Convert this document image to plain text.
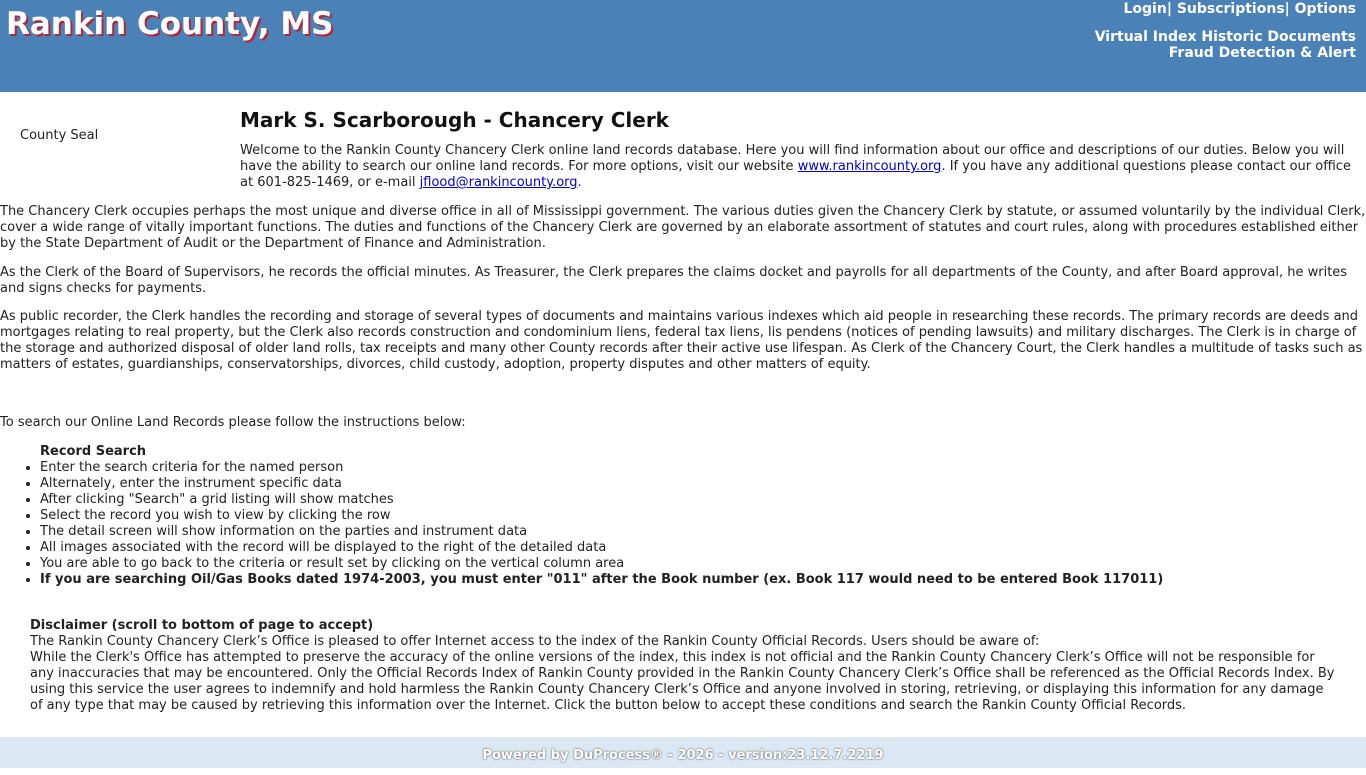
Rankin County, MS	Login| Subscriptions| Options
Virtual Index Historic Documents
Fraud Detection & Alert
County Seal
Mark S. Scarborough - Chancery Clerk

Welcome to the Rankin County Chancery Clerk online land records database. Here you will find information about our office and descriptions of our duties. Below you will have the ability to search our online land records. For more options, visit our website www.rankincounty.org. If you have any additional questions please contact our office at 601-825-1469, or e-mail jflood@rankincounty.org.

The Chancery Clerk occupies perhaps the most unique and diverse office in all of Mississippi government. The various duties given the Chancery Clerk by statute, or assumed voluntarily by the individual Clerk, cover a wide range of vitally important functions. The duties and functions of the Chancery Clerk are governed by an elaborate assortment of statutes and court rules, along with procedures established either by the State Department of Audit or the Department of Finance and Administration.

As the Clerk of the Board of Supervisors, he records the official minutes. As Treasurer, the Clerk prepares the claims docket and payrolls for all departments of the County, and after Board approval, he writes and signs checks for payments.

As public recorder, the Clerk handles the recording and storage of several types of documents and maintains various indexes which aid people in researching these records. The primary records are deeds and mortgages relating to real property, but the Clerk also records construction and condominium liens, federal tax liens, lis pendens (notices of pending lawsuits) and military discharges. The Clerk is in charge of the storage and authorized disposal of older land rolls, tax receipts and many other County records after their active use lifespan. As Clerk of the Chancery Court, the Clerk handles a multitude of tasks such as matters of estates, guardianships, conservatorships, divorces, child custody, adoption, property disputes and other matters of equity.

To search our Online Land Records please follow the instructions below:

Record Search
• Enter the search criteria for the named person
• Alternately, enter the instrument specific data
• After clicking "Search" a grid listing will show matches
• Select the record you wish to view by clicking the row
• The detail screen will show information on the parties and instrument data
• All images associated with the record will be displayed to the right of the detailed data
• You are able to go back to the criteria or result set by clicking on the vertical column area
• If you are searching Oil/Gas Books dated 1974-2003, you must enter "011" after the Book number (ex. Book 117 would need to be entered Book 117011)
Disclaimer (scroll to bottom of page to accept)
The Rankin County Chancery Clerk’s Office is pleased to offer Internet access to the index of the Rankin County Official Records. Users should be aware of:
While the Clerk's Office has attempted to preserve the accuracy of the online versions of the index, this index is not official and the Rankin County Chancery Clerk’s Office will not be responsible for any inaccuracies that may be encountered. Only the Official Records Index of Rankin County provided in the Rankin County Chancery Clerk’s Office shall be referenced as the Official Records Index. By using this service the user agrees to indemnify and hold harmless the Rankin County Chancery Clerk’s Office and anyone involved in storing, retrieving, or displaying this information for any damage of any type that may be caused by retrieving this information over the Internet. Click the button below to accept these conditions and search the Rankin County Official Records.
Powered by DuProcess® - 2026 - version:23.12.7.2219
